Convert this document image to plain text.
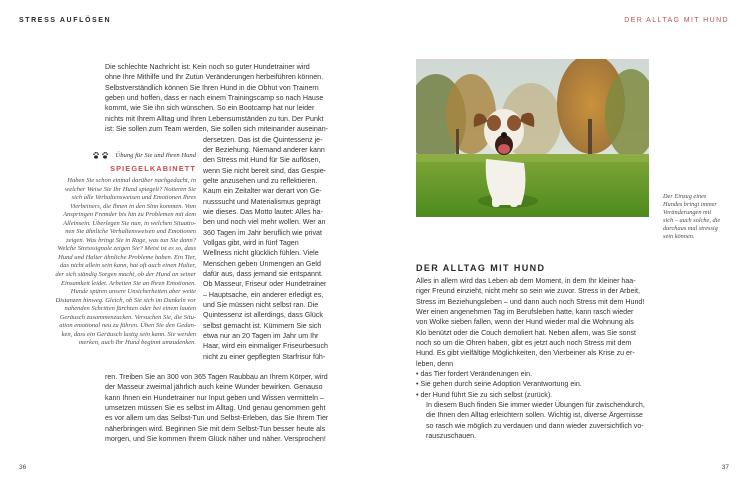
STRESS AUFLÖSEN	DER ALLTAG MIT HUND

Die schlechte Nachricht ist: Kein noch so guter Hundetrainer wird
ohne Ihre Mithilfe und Ihr Zutun Veränderungen herbeiführen können.
Selbstverständlich können Sie Ihren Hund in die Obhut von Trainern
geben und hoffen, dass er nach einem Trainingscamp so nach Hause
kommt, wie Sie ihn sich wünschen. So ein Bootcamp hat nur leider
nichts mit Ihrem Alltag und Ihren Lebensumständen zu tun. Der Punkt
ist: Sie sollen zum Team werden, Sie sollen sich miteinander auseinan-

dersetzen. Das ist die Quintessenz je-
der Beziehung. Niemand anderer kann
den Stress mit Hund für Sie auflösen,
wenn Sie nicht bereit sind, das Gespie-
gelte anzusehen und zu reflektieren.
Kaum ein Zeitalter war derart von Ge-
nusssucht und Materialismus geprägt
wie dieses. Das Motto lautet: Alles ha-
ben und noch viel mehr wollen. Wer an
360 Tagen im Jahr beruflich wie privat
Vollgas gibt, wird in fünf Tagen
Wellness nicht glücklich fühlen. Viele
Menschen geben Unmengen an Geld
dafür aus, dass jemand sie entspannt.
Ob Masseur, Friseur oder Hundetrainer
– Hauptsache, ein anderer erledigt es,
und Sie müssen nicht selbst ran. Die
Quintessenz ist allerdings, dass Glück
selbst gemacht ist. Kümmern Sie sich
etwa nur an 20 Tagen im Jahr um Ihr
Haar, wird ein einmaliger Friseurbesuch
nicht zu einer gepflegten Starfrisur füh-

ren. Treiben Sie an 300 von 365 Tagen Raubbau an Ihrem Körper, wird
der Masseur zweimal jährlich auch keine Wunder bewirken. Genauso
kann Ihnen ein Hundetrainer nur Input geben und Wissen vermitteln –
umsetzen müssen Sie es selbst im Alltag. Und genau genommen geht
es vor allem um das Selbst-Tun und Selbst-Erleben, das Sie Ihrem Tier
näherbringen wird. Beginnen Sie mit dem Selbst-Tun besser heute als
morgen, und Sie kommen Ihrem Glück näher und näher. Versprochen!

Übung für Sie und Ihren Hund
SPIEGELKABINETT

Haben Sie schon einmal darüber nachgedacht, in
welcher Weise Sie Ihr Hund spiegelt? Notieren Sie
sich alle Verhaltensweisen und Emotionen Ihres
Vierbeiners, die Ihnen in den Sinn kommen. Vom
Anspringen Fremder bis hin zu Problemen mit dem
Alleinsein. Überlegen Sie nun, in welchen Situatio-
nen Sie ähnliche Verhaltensweisen und Emotionen
zeigen. Was bringt Sie in Rage, was tun Sie dann?
Welche Stresssignale zeigen Sie? Meist ist es so, dass
Hund und Halter ähnliche Probleme haben. Ein Tier,
das nicht allein sein kann, hat oft auch einen Halter,
der sich ständig Sorgen macht, ob der Hund an seiner
Einsamkeit leidet. Arbeiten Sie an Ihren Emotionen.
Hunde spüren unsere Unsicherheiten aber weite
Distanzen hinweg. Gleich, ob Sie sich im Dunkeln vor
nahenden Schritten fürchten oder bei einem lauten
Geräusch zusammenzucken. Versuchen Sie, die Situ-
ation emotional neu zu führen. Üben Sie den Gedan-
ken, dass ein Geräusch lustig sein kann. Sie werden
merken, auch Ihr Hund beginnt umzudenken.

36

Der Einzug eines
Hundes bringt immer
Veränderungen mit
sich – auch solche, die
durchaus mal stressig
sein können.

DER ALLTAG MIT HUND

Alles in allem wird das Leben ab dem Moment, in dem Ihr kleiner haa-
riger Freund einzieht, nicht mehr so sein wie zuvor. Stress in der Arbeit,
Stress im Beziehungsleben – und dann auch noch Stress mit dem Hund!
Wer einen angenehmen Tag im Berufsleben hatte, kann rasch wieder
von Wolke sieben fallen, wenn der Hund wieder mal die Wohnung als
Klo benützt oder die Couch demoliert hat. Neben allem, was Sie sonst
noch so um die Ohren haben, gibt es jetzt auch noch Stress mit dem
Hund. Es gibt vielfältige Möglichkeiten, den Vierbeiner als Krise zu er-
leben, denn

• das Tier fordert Veränderungen ein.
• Sie gehen durch seine Adoption Verantwortung ein.
• der Hund führt Sie zu sich selbst (zurück).

In diesem Buch finden Sie immer wieder Übungen für zwischendurch,
die Ihnen den Alltag erleichtern sollen. Wichtig ist, diverse Ärgernisse
so rasch wie möglich zu verdauen und dann wieder zuversichtlich vo-
rauszuschauen.

37
